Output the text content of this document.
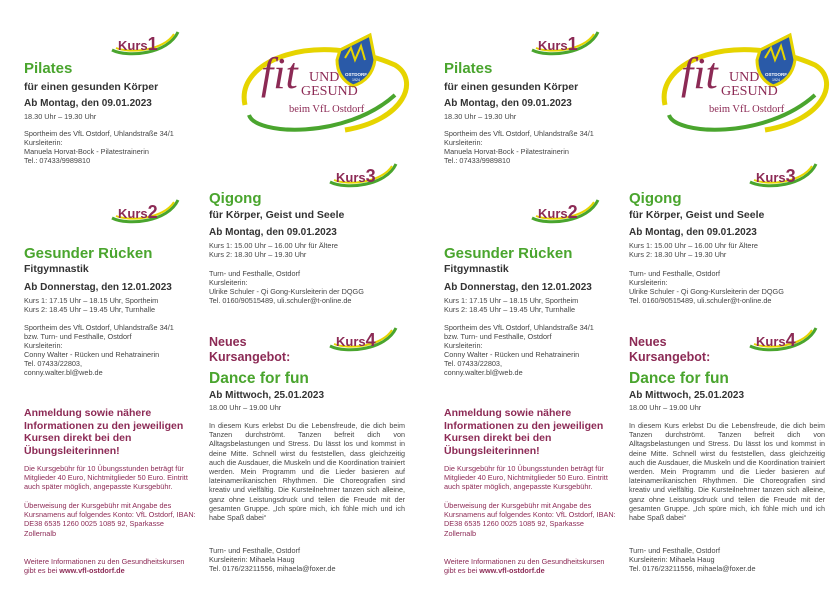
Kurs1
Pilates
für einen gesunden Körper
Ab Montag, den 09.01.2023
18.30 Uhr – 19.30 Uhr
Sportheim des VfL Ostdorf, Uhlandstraße 34/1
Kursleiterin:
Manuela Horvat-Bock - Pilatestrainerin
Tel.: 07433/9989810
OSTDORF
1924
fit UND
GESUND
beim VfL Ostdorf
Kurs2
Gesunder Rücken
Fitgymnastik
Ab Donnerstag, den 12.01.2023
Kurs 1: 17.15 Uhr – 18.15 Uhr, Sportheim
Kurs 2: 18.45 Uhr – 19.45 Uhr, Turnhalle
Sportheim des VfL Ostdorf, Uhlandstraße 34/1
bzw. Turn- und Festhalle, Ostdorf
Kursleiterin:
Conny Walter - Rücken und Rehatrainerin
Tel. 07433/22803,
conny.walter.bl@web.de
Kurs3
Qigong
für Körper, Geist und Seele
Ab Montag, den 09.01.2023
Kurs 1: 15.00 Uhr – 16.00 Uhr für Ältere
Kurs 2: 18.30 Uhr – 19.30 Uhr
Turn- und Festhalle, Ostdorf
Kursleiterin:
Ulrike Schuler - Qi Gong-Kursleiterin der DQGG
Tel. 0160/90515489, uli.schuler@t-online.de
Kurs4
Neues
Kursangebot:
Dance for fun
Ab Mittwoch, 25.01.2023
18.00 Uhr – 19.00 Uhr
In diesem Kurs erlebst Du die Lebensfreude, die dich beim Tanzen durchströmt. Tanzen befreit dich von Alltagsbelastungen und Stress. Du lässt los und kommst in deine Mitte. Schnell wirst du feststellen, dass gleichzeitig auch die Ausdauer, die Muskeln und die Koordination trainiert werden. Mein Programm und die Lieder basieren auf lateinamerikanischen Rhythmen. Die Choreografien sind kreativ und vielfältig. Die Kursteilnehmer tanzen sich alleine, ganz ohne Leistungsdruck und teilen die Freude mit der gesamten Gruppe. „Ich spüre mich, ich fühle mich und ich habe Spaß dabei“
Turn- und Festhalle, Ostdorf
Kursleiterin: Mihaela Haug
Tel. 0176/23211556, mihaela@foxer.de
Anmeldung sowie nähere Informationen zu den jeweiligen Kursen direkt bei den Übungsleiterinnen!
Die Kursgebühr für 10 Übungsstunden beträgt für Mitglieder 40 Euro, Nichtmitglieder 50 Euro. Eintritt auch später möglich, angepasste Kursgebühr.
Überweisung der Kursgebühr mit Angabe des Kursnamens auf folgendes Konto: VfL Ostdorf, IBAN: DE38 6535 1260 0025 1085 92, Sparkasse Zollernalb
Weitere Informationen zu den Gesundheitskursen gibt es bei www.vfl-ostdorf.de
Kurs1
Pilates
für einen gesunden Körper
Ab Montag, den 09.01.2023
18.30 Uhr – 19.30 Uhr
Sportheim des VfL Ostdorf, Uhlandstraße 34/1
Kursleiterin:
Manuela Horvat-Bock - Pilatestrainerin
Tel.: 07433/9989810
OSTDORF
1924
fit UND
GESUND
beim VfL Ostdorf
Kurs2
Gesunder Rücken
Fitgymnastik
Ab Donnerstag, den 12.01.2023
Kurs 1: 17.15 Uhr – 18.15 Uhr, Sportheim
Kurs 2: 18.45 Uhr – 19.45 Uhr, Turnhalle
Sportheim des VfL Ostdorf, Uhlandstraße 34/1
bzw. Turn- und Festhalle, Ostdorf
Kursleiterin:
Conny Walter - Rücken und Rehatrainerin
Tel. 07433/22803,
conny.walter.bl@web.de
Kurs3
Qigong
für Körper, Geist und Seele
Ab Montag, den 09.01.2023
Kurs 1: 15.00 Uhr – 16.00 Uhr für Ältere
Kurs 2: 18.30 Uhr – 19.30 Uhr
Turn- und Festhalle, Ostdorf
Kursleiterin:
Ulrike Schuler - Qi Gong-Kursleiterin der DQGG
Tel. 0160/90515489, uli.schuler@t-online.de
Kurs4
Neues
Kursangebot:
Dance for fun
Ab Mittwoch, 25.01.2023
18.00 Uhr – 19.00 Uhr
In diesem Kurs erlebst Du die Lebensfreude, die dich beim Tanzen durchströmt. Tanzen befreit dich von Alltagsbelastungen und Stress. Du lässt los und kommst in deine Mitte. Schnell wirst du feststellen, dass gleichzeitig auch die Ausdauer, die Muskeln und die Koordination trainiert werden. Mein Programm und die Lieder basieren auf lateinamerikanischen Rhythmen. Die Choreografien sind kreativ und vielfältig. Die Kursteilnehmer tanzen sich alleine, ganz ohne Leistungsdruck und teilen die Freude mit der gesamten Gruppe. „Ich spüre mich, ich fühle mich und ich habe Spaß dabei“
Turn- und Festhalle, Ostdorf
Kursleiterin: Mihaela Haug
Tel. 0176/23211556, mihaela@foxer.de
Anmeldung sowie nähere Informationen zu den jeweiligen Kursen direkt bei den Übungsleiterinnen!
Die Kursgebühr für 10 Übungsstunden beträgt für Mitglieder 40 Euro, Nichtmitglieder 50 Euro. Eintritt auch später möglich, angepasste Kursgebühr.
Überweisung der Kursgebühr mit Angabe des Kursnamens auf folgendes Konto: VfL Ostdorf, IBAN: DE38 6535 1260 0025 1085 92, Sparkasse Zollernalb
Weitere Informationen zu den Gesundheitskursen gibt es bei www.vfl-ostdorf.de
